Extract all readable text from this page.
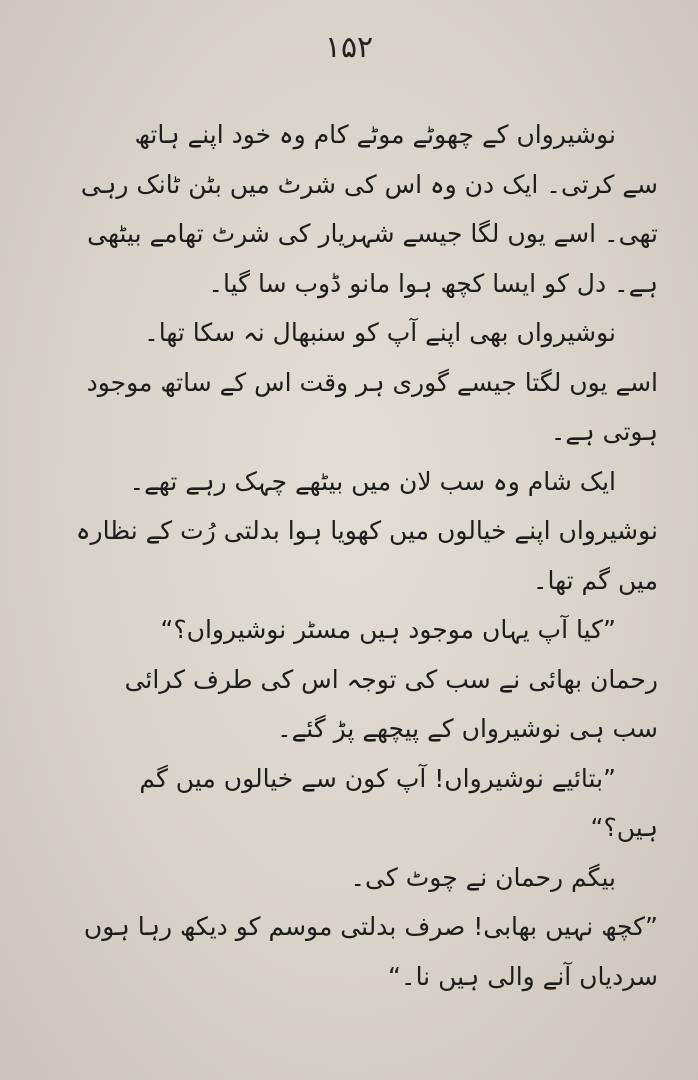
۱۵۲
نوشیرواں کے چھوٹے موٹے کام وہ خود اپنے ہاتھ
سے کرتی۔ ایک دن وہ اس کی شرٹ میں بٹن ٹانک رہی
تھی۔ اسے یوں لگا جیسے شہریار کی شرٹ تھامے بیٹھی
ہے۔ دل کو ایسا کچھ ہوا مانو ڈوب سا گیا۔
نوشیرواں بھی اپنے آپ کو سنبھال نہ سکا تھا۔
اسے یوں لگتا جیسے گوری ہر وقت اس کے ساتھ موجود
ہوتی ہے۔
ایک شام وہ سب لان میں بیٹھے چہک رہے تھے۔
نوشیرواں اپنے خیالوں میں کھویا ہوا بدلتی رُت کے نظارہ
میں گم تھا۔
”کیا آپ یہاں موجود ہیں مسٹر نوشیرواں؟“
رحمان بھائی نے سب کی توجہ اس کی طرف کرائی
سب ہی نوشیرواں کے پیچھے پڑ گئے۔
”بتائیے نوشیرواں! آپ کون سے خیالوں میں گم
ہیں؟“
بیگم رحمان نے چوٹ کی۔
”کچھ نہیں بھابی! صرف بدلتی موسم کو دیکھ رہا ہوں
سردیاں آنے والی ہیں نا۔“
